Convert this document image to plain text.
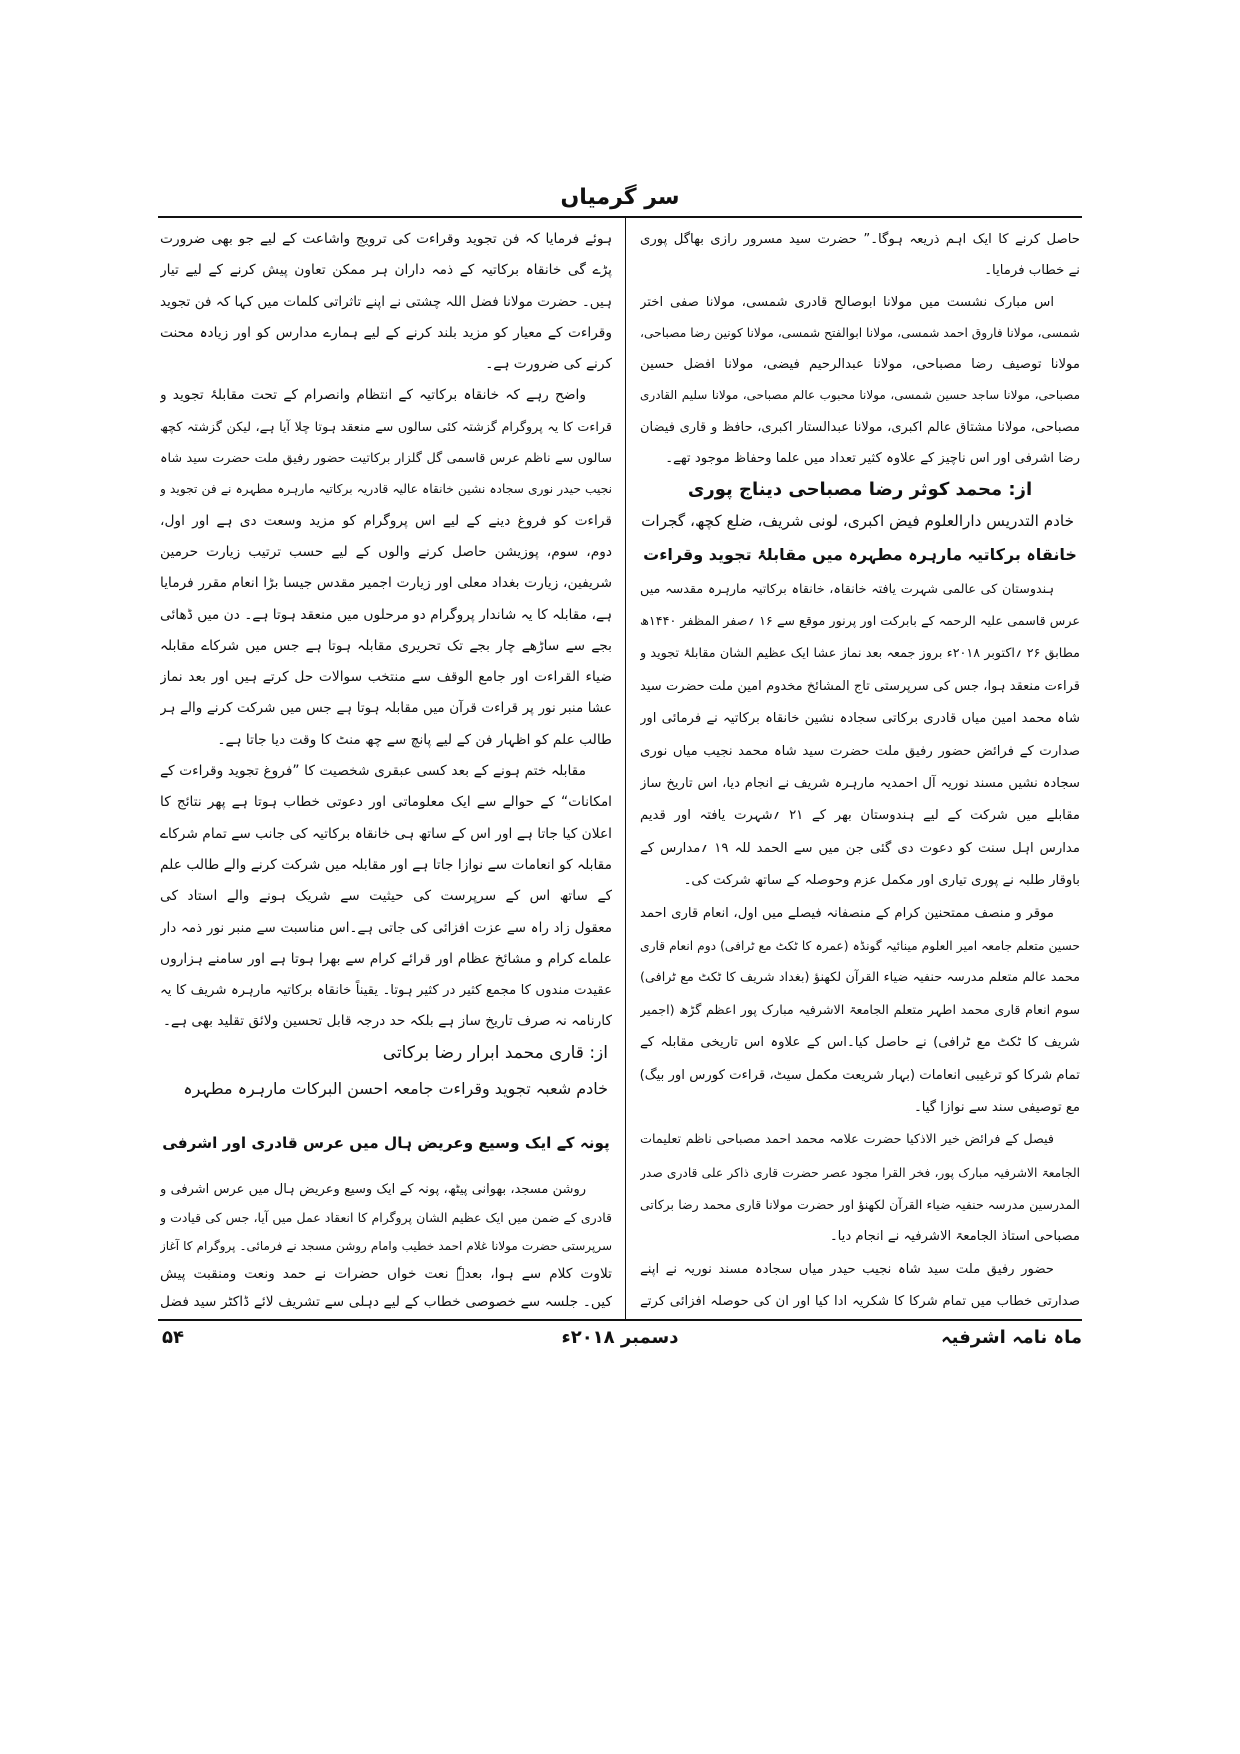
سر گرمیاں
حاصل کرنے کا ایک اہم ذریعہ ہوگا۔” حضرت سید مسرور رازی بھاگل پوری
نے خطاب فرمایا۔
اس مبارک نشست میں مولانا ابوصالح قادری شمسی، مولانا صفی اختر
شمسی، مولانا فاروق احمد شمسی، مولانا ابوالفتح شمسی، مولانا کونین رضا مصباحی،
مولانا توصیف رضا مصباحی، مولانا عبدالرحیم فیضی، مولانا افضل حسین
مصباحی، مولانا ساجد حسین شمسی، مولانا محبوب عالم مصباحی، مولانا سلیم القادری
مصباحی، مولانا مشتاق عالم اکبری، مولانا عبدالستار اکبری، حافظ و قاری فیضان
رضا اشرفی اور اس ناچیز کے علاوہ کثیر تعداد میں علما وحفاظ موجود تھے۔
از: محمد کوثر رضا مصباحی دیناج پوری
خادم التدریس دارالعلوم فیض اکبری، لونی شریف، ضلع کچھ، گجرات
خانقاہ برکاتیہ مارہرہ مطہرہ میں مقابلۂ تجوید وقراءت
ہندوستان کی عالمی شہرت یافتہ خانقاہ، خانقاہ برکاتیہ مارہرہ مقدسہ میں
عرس قاسمی علیہ الرحمہ کے بابرکت اور پرنور موقع سے ۱۶ ؍صفر المظفر ۱۴۴۰ھ
مطابق ۲۶ ؍اکتوبر ۲۰۱۸ء بروز جمعہ بعد نماز عشا ایک عظیم الشان مقابلۂ تجوید و
قراءت منعقد ہوا، جس کی سرپرستی تاج المشائخ مخدوم امین ملت حضرت سید
شاہ محمد امین میاں قادری برکاتی سجادہ نشین خانقاہ برکاتیہ نے فرمائی اور
صدارت کے فرائض حضور رفیق ملت حضرت سید شاہ محمد نجیب میاں نوری
سجادہ نشیں مسند نوریہ آل احمدیہ مارہرہ شریف نے انجام دیا، اس تاریخ ساز
مقابلے میں شرکت کے لیے ہندوستان بھر کے ۲۱ ؍شہرت یافتہ اور قدیم
مدارس اہل سنت کو دعوت دی گئی جن میں سے الحمد للہ ۱۹ ؍مدارس کے
باوقار طلبہ نے پوری تیاری اور مکمل عزم وحوصلہ کے ساتھ شرکت کی۔
موقر و منصف ممتحنین کرام کے منصفانہ فیصلے میں اول، انعام قاری احمد
حسین متعلم جامعہ امیر العلوم مینائیہ گونڈہ (عمرہ کا ٹکٹ مع ٹرافی) دوم انعام قاری
محمد عالم متعلم مدرسہ حنفیہ ضیاء القرآن لکھنؤ (بغداد شریف کا ٹکٹ مع ٹرافی)
سوم انعام قاری محمد اطہر متعلم الجامعۃ الاشرفیہ مبارک پور اعظم گڑھ (اجمیر
شریف کا ٹکٹ مع ٹرافی) نے حاصل کیا۔اس کے علاوہ اس تاریخی مقابلہ کے
تمام شرکا کو ترغیبی انعامات (بہار شریعت مکمل سیٹ، قراءت کورس اور بیگ)
مع توصیفی سند سے نوازا گیا۔
فیصل کے فرائض خیر الاذکیا حضرت علامہ محمد احمد مصباحی ناظم تعلیمات
الجامعۃ الاشرفیہ مبارک پور، فخر القرا مجود عصر حضرت قاری ذاکر علی قادری صدر
المدرسین مدرسہ حنفیہ ضیاء القرآن لکھنؤ اور حضرت مولانا قاری محمد رضا برکاتی
مصباحی استاذ الجامعۃ الاشرفیہ نے انجام دیا۔
حضور رفیق ملت سید شاہ نجیب حیدر میاں سجادہ مسند نوریہ نے اپنے
صدارتی خطاب میں تمام شرکا کا شکریہ ادا کیا اور ان کی حوصلہ افزائی کرتے
ہوئے فرمایا کہ فن تجوید وقراءت کی ترویج واشاعت کے لیے جو بھی ضرورت
پڑے گی خانقاہ برکاتیہ کے ذمہ داران ہر ممکن تعاون پیش کرنے کے لیے تیار
ہیں۔ حضرت مولانا فضل اللہ چشتی نے اپنے تاثراتی کلمات میں کہا کہ فن تجوید
وقراءت کے معیار کو مزید بلند کرنے کے لیے ہمارے مدارس کو اور زیادہ محنت
کرنے کی ضرورت ہے۔
واضح رہے کہ خانقاہ برکاتیہ کے انتظام وانصرام کے تحت مقابلۂ تجوید و
قراءت کا یہ پروگرام گزشتہ کئی سالوں سے منعقد ہوتا چلا آیا ہے، لیکن گزشتہ کچھ
سالوں سے ناظم عرس قاسمی گل گلزار برکاتیت حضور رفیق ملت حضرت سید شاہ
نجیب حیدر نوری سجادہ نشین خانقاہ عالیہ قادریہ برکاتیہ مارہرہ مطہرہ نے فن تجوید و
قراءت کو فروغ دینے کے لیے اس پروگرام کو مزید وسعت دی ہے اور اول،
دوم، سوم، پوزیشن حاصل کرنے والوں کے لیے حسب ترتیب زیارت حرمین
شریفین، زیارت بغداد معلی اور زیارت اجمیر مقدس جیسا بڑا انعام مقرر فرمایا
ہے، مقابلہ کا یہ شاندار پروگرام دو مرحلوں میں منعقد ہوتا ہے۔ دن میں ڈھائی
بجے سے ساڑھے چار بجے تک تحریری مقابلہ ہوتا ہے جس میں شرکاے مقابلہ
ضیاء القراءت اور جامع الوقف سے منتخب سوالات حل کرتے ہیں اور بعد نماز
عشا منبر نور پر قراءت قرآن میں مقابلہ ہوتا ہے جس میں شرکت کرنے والے ہر
طالب علم کو اظہار فن کے لیے پانچ سے چھ منٹ کا وقت دیا جاتا ہے۔
مقابلہ ختم ہونے کے بعد کسی عبقری شخصیت کا ”فروغ تجوید وقراءت کے
امکانات“ کے حوالے سے ایک معلوماتی اور دعوتی خطاب ہوتا ہے پھر نتائج کا
اعلان کیا جاتا ہے اور اس کے ساتھ ہی خانقاہ برکاتیہ کی جانب سے تمام شرکاے
مقابلہ کو انعامات سے نوازا جاتا ہے اور مقابلہ میں شرکت کرنے والے طالب علم
کے ساتھ اس کے سرپرست کی حیثیت سے شریک ہونے والے استاد کی
معقول زاد راہ سے عزت افزائی کی جاتی ہے۔اس مناسبت سے منبر نور ذمہ دار
علماے کرام و مشائخ عظام اور قرائے کرام سے بھرا ہوتا ہے اور سامنے ہزاروں
عقیدت مندوں کا مجمع کثیر در کثیر ہوتا۔ یقیناً خانقاہ برکاتیہ مارہرہ شریف کا یہ
کارنامہ نہ صرف تاریخ ساز ہے بلکہ حد درجہ قابل تحسین ولائق تقلید بھی ہے۔
از: قاری محمد ابرار رضا برکاتی
خادم شعبہ تجوید وقراءت جامعہ احسن البرکات مارہرہ مطہرہ
پونہ کے ایک وسیع وعریض ہال میں عرس قادری اور اشرفی
روشن مسجد، بھوانی پیٹھ، پونہ کے ایک وسیع وعریض ہال میں عرس اشرفی و
قادری کے ضمن میں ایک عظیم الشان پروگرام کا انعقاد عمل میں آیا، جس کی قیادت و
سرپرستی حضرت مولانا غلام احمد خطیب وامام روشن مسجد نے فرمائی۔ پروگرام کا آغاز
تلاوت کلام سے ہوا، بعدہٗ نعت خواں حضرات نے حمد ونعت ومنقبت پیش
کیں۔ جلسہ سے خصوصی خطاب کے لیے دہلی سے تشریف لائے ڈاکٹر سید فضل
ماہ نامہ اشرفیہ
دسمبر ۲۰۱۸ء
۵۴
